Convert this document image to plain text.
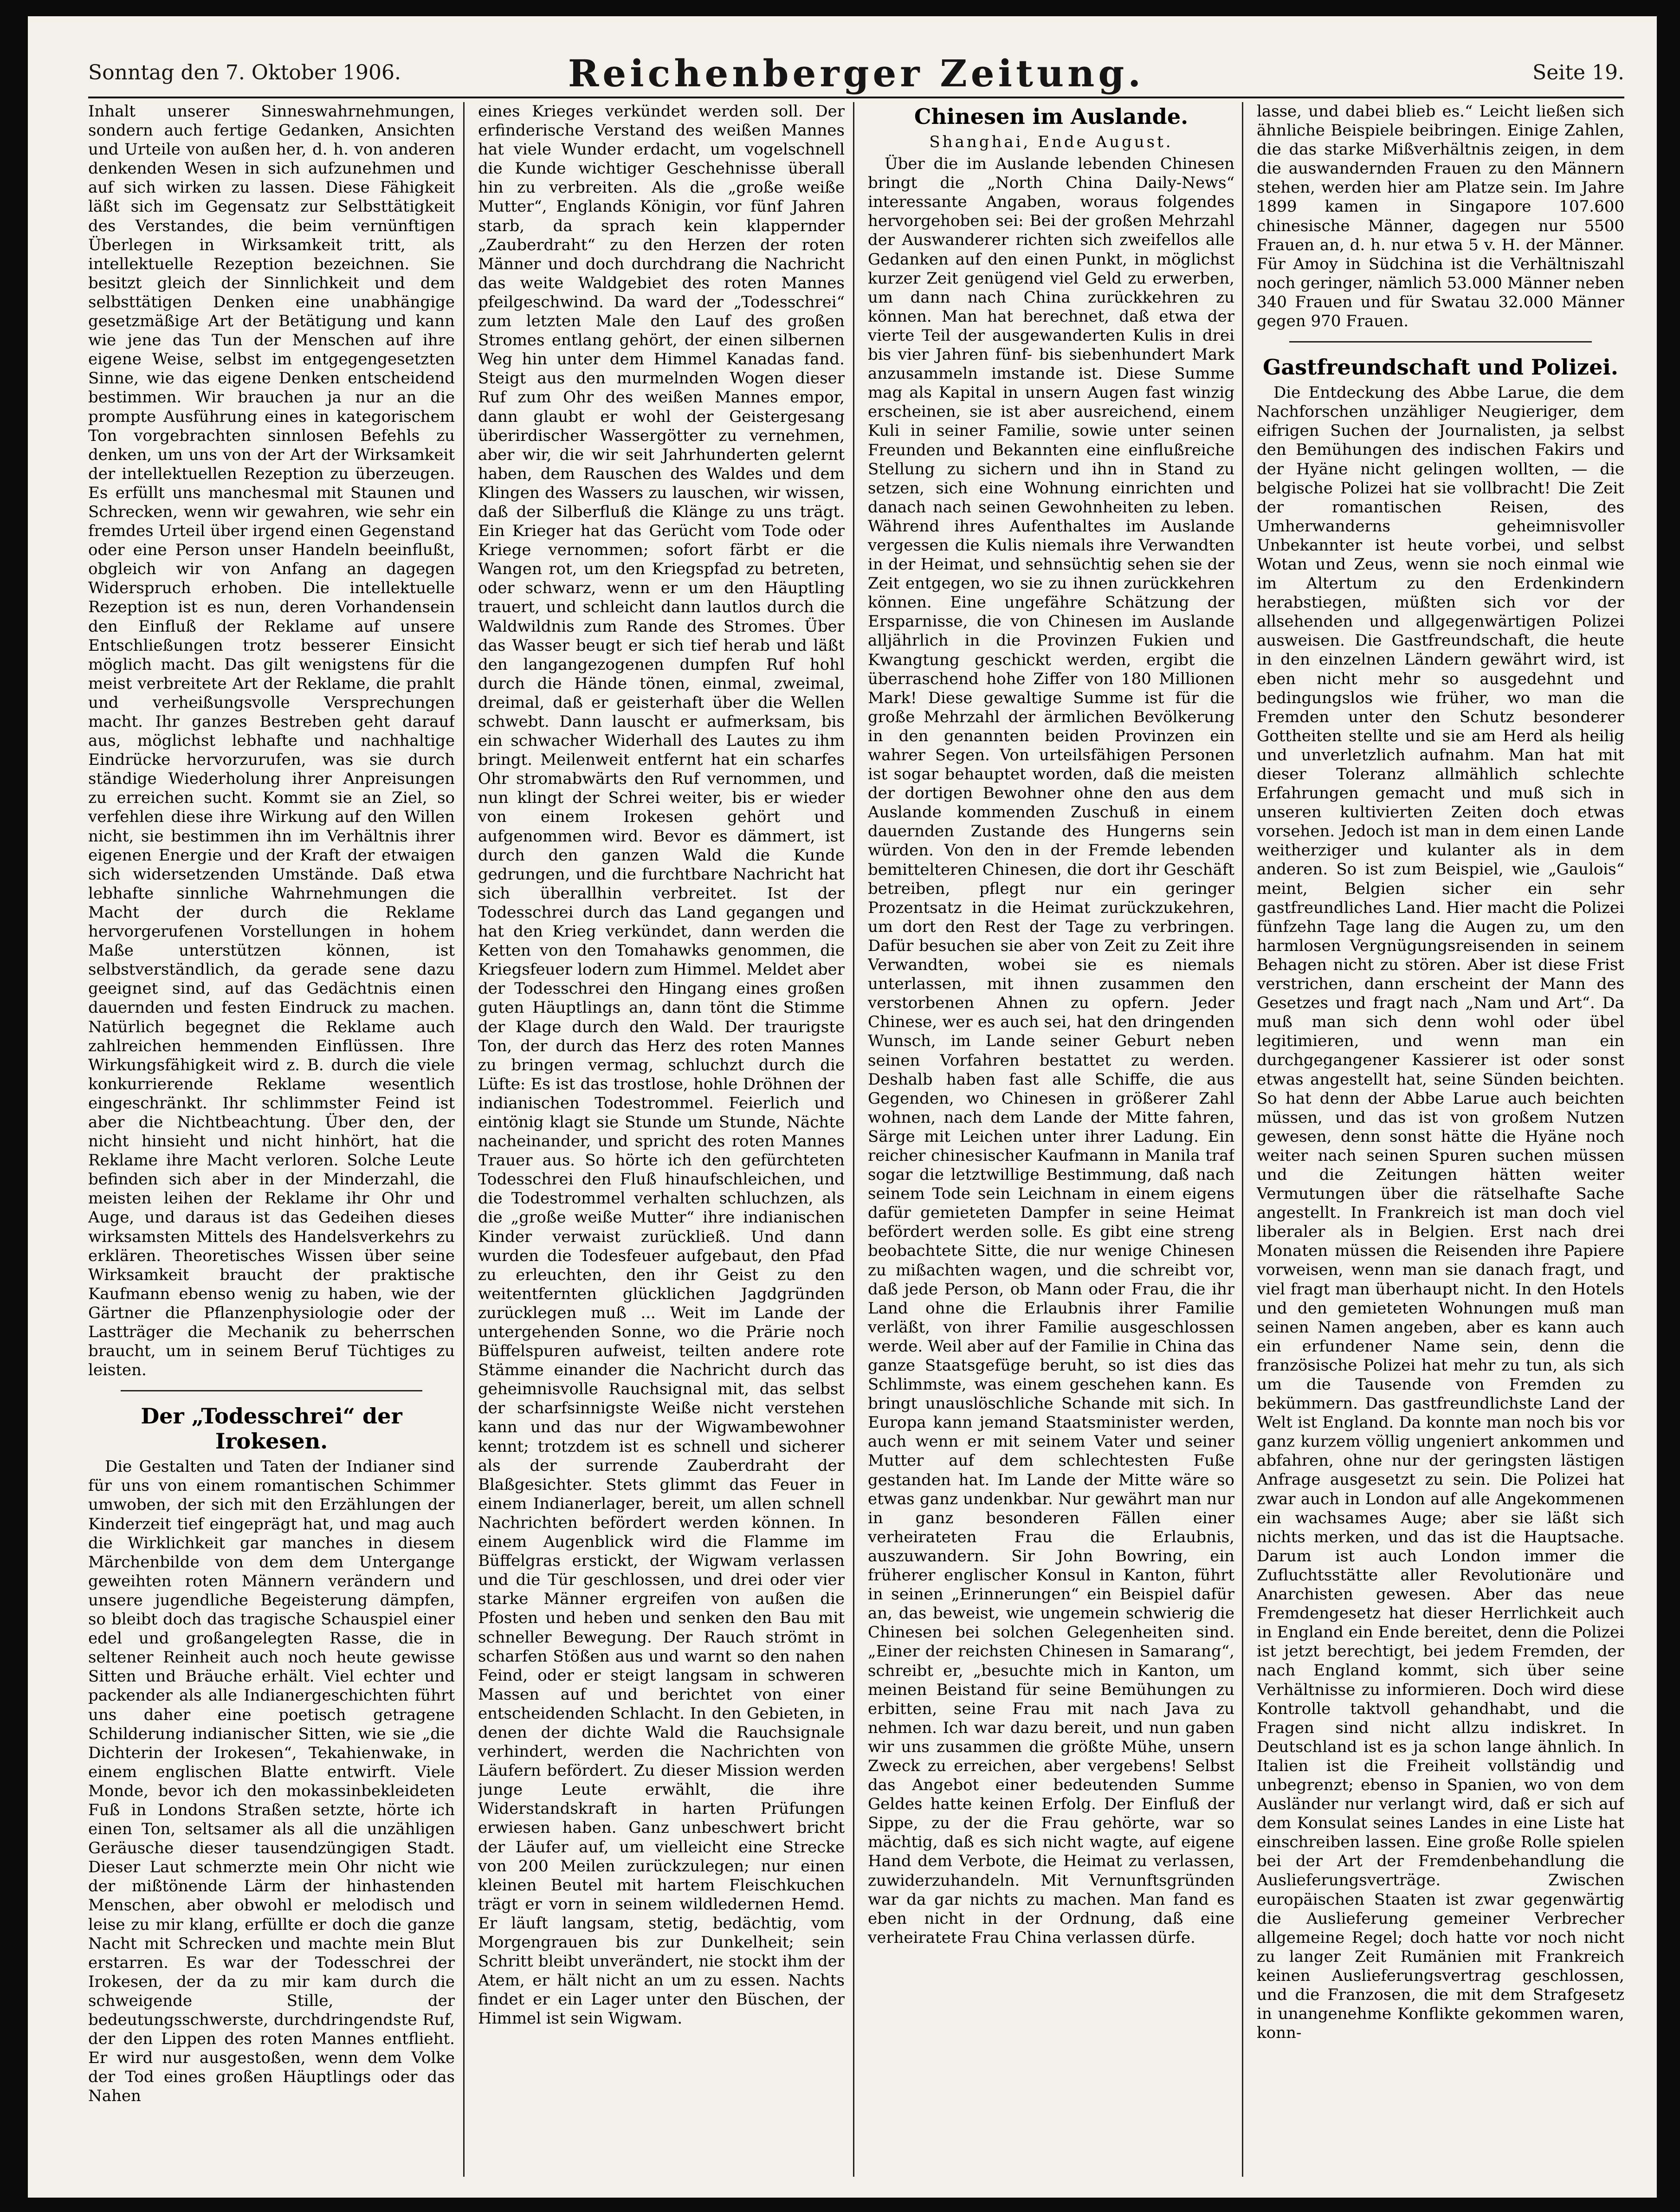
Sonntag den 7. Oktober 1906.	Reichenberger Zeitung.	Seite 19.

Inhalt unserer Sinneswahrnehmungen, sondern auch fertige Gedanken, Ansichten und Urteile von außen her, d. h. von anderen denkenden Wesen in sich aufzunehmen und auf sich wirken zu lassen. Diese Fähigkeit läßt sich im Gegensatz zur Selbsttätigkeit des Verstandes, die beim vernünftigen Überlegen in Wirksamkeit tritt, als intellektuelle Rezeption bezeichnen. Sie besitzt gleich der Sinnlichkeit und dem selbsttätigen Denken eine unabhängige gesetzmäßige Art der Betätigung und kann wie jene das Tun der Menschen auf ihre eigene Weise, selbst im entgegengesetzten Sinne, wie das eigene Denken entscheidend bestimmen. Wir brauchen ja nur an die prompte Ausführung eines in kategorischem Ton vorgebrachten sinnlosen Befehls zu denken, um uns von der Art der Wirksamkeit der intellektuellen Rezeption zu überzeugen. Es erfüllt uns manchesmal mit Staunen und Schrecken, wenn wir gewahren, wie sehr ein fremdes Urteil über irgend einen Gegenstand oder eine Person unser Handeln beeinflußt, obgleich wir von Anfang an dagegen Widerspruch erhoben. Die intellektuelle Rezeption ist es nun, deren Vorhandensein den Einfluß der Reklame auf unsere Entschließungen trotz besserer Einsicht möglich macht. Das gilt wenigstens für die meist verbreitete Art der Reklame, die prahlt und verheißungsvolle Versprechungen macht. Ihr ganzes Bestreben geht darauf aus, möglichst lebhafte und nachhaltige Eindrücke hervorzurufen, was sie durch ständige Wiederholung ihrer Anpreisungen zu erreichen sucht. Kommt sie an Ziel, so verfehlen diese ihre Wirkung auf den Willen nicht, sie bestimmen ihn im Verhältnis ihrer eigenen Energie und der Kraft der etwaigen sich widersetzenden Umstände. Daß etwa lebhafte sinnliche Wahrnehmungen die Macht der durch die Reklame hervorgerufenen Vorstellungen in hohem Maße unterstützen können, ist selbstverständlich, da gerade sene dazu geeignet sind, auf das Gedächtnis einen dauernden und festen Eindruck zu machen. Natürlich begegnet die Reklame auch zahlreichen hemmenden Einflüssen. Ihre Wirkungsfähigkeit wird z. B. durch die viele konkurrierende Reklame wesentlich eingeschränkt. Ihr schlimmster Feind ist aber die Nichtbeachtung. Über den, der nicht hinsieht und nicht hinhört, hat die Reklame ihre Macht verloren. Solche Leute befinden sich aber in der Minderzahl, die meisten leihen der Reklame ihr Ohr und Auge, und daraus ist das Gedeihen dieses wirksamsten Mittels des Handelsverkehrs zu erklären. Theoretisches Wissen über seine Wirksamkeit braucht der praktische Kaufmann ebenso wenig zu haben, wie der Gärtner die Pflanzenphysiologie oder der Lastträger die Mechanik zu beherrschen braucht, um in seinem Beruf Tüchtiges zu leisten.

Der „Todesschrei“ der Irokesen.

Die Gestalten und Taten der Indianer sind für uns von einem romantischen Schimmer umwoben, der sich mit den Erzählungen der Kinderzeit tief eingeprägt hat, und mag auch die Wirklichkeit gar manches in diesem Märchenbilde von dem dem Untergange geweihten roten Männern verändern und unsere jugendliche Begeisterung dämpfen, so bleibt doch das tragische Schauspiel einer edel und großangelegten Rasse, die in seltener Reinheit auch noch heute gewisse Sitten und Bräuche erhält. Viel echter und packender als alle Indianergeschichten führt uns daher eine poetisch getragene Schilderung indianischer Sitten, wie sie „die Dichterin der Irokesen“, Tekahienwake, in einem englischen Blatte entwirft. Viele Monde, bevor ich den mokassinbekleideten Fuß in Londons Straßen setzte, hörte ich einen Ton, seltsamer als all die unzähligen Geräusche dieser tausendzüngigen Stadt. Dieser Laut schmerzte mein Ohr nicht wie der mißtönende Lärm der hinhastenden Menschen, aber obwohl er melodisch und leise zu mir klang, erfüllte er doch die ganze Nacht mit Schrecken und machte mein Blut erstarren. Es war der Todesschrei der Irokesen, der da zu mir kam durch die schweigende Stille, der bedeutungsschwerste, durchdringendste Ruf, der den Lippen des roten Mannes entflieht. Er wird nur ausgestoßen, wenn dem Volke der Tod eines großen Häuptlings oder das Nahen

eines Krieges verkündet werden soll. Der erfinderische Verstand des weißen Mannes hat viele Wunder erdacht, um vogelschnell die Kunde wichtiger Geschehnisse überall hin zu verbreiten. Als die „große weiße Mutter“, Englands Königin, vor fünf Jahren starb, da sprach kein klappernder „Zauberdraht“ zu den Herzen der roten Männer und doch durchdrang die Nachricht das weite Waldgebiet des roten Mannes pfeilgeschwind. Da ward der „Todesschrei“ zum letzten Male den Lauf des großen Stromes entlang gehört, der einen silbernen Weg hin unter dem Himmel Kanadas fand. Steigt aus den murmelnden Wogen dieser Ruf zum Ohr des weißen Mannes empor, dann glaubt er wohl der Geistergesang überirdischer Wassergötter zu vernehmen, aber wir, die wir seit Jahrhunderten gelernt haben, dem Rauschen des Waldes und dem Klingen des Wassers zu lauschen, wir wissen, daß der Silberfluß die Klänge zu uns trägt. Ein Krieger hat das Gerücht vom Tode oder Kriege vernommen; sofort färbt er die Wangen rot, um den Kriegspfad zu betreten, oder schwarz, wenn er um den Häuptling trauert, und schleicht dann lautlos durch die Waldwildnis zum Rande des Stromes. Über das Wasser beugt er sich tief herab und läßt den langangezogenen dumpfen Ruf hohl durch die Hände tönen, einmal, zweimal, dreimal, daß er geisterhaft über die Wellen schwebt. Dann lauscht er aufmerksam, bis ein schwacher Widerhall des Lautes zu ihm bringt. Meilenweit entfernt hat ein scharfes Ohr stromabwärts den Ruf vernommen, und nun klingt der Schrei weiter, bis er wieder von einem Irokesen gehört und aufgenommen wird. Bevor es dämmert, ist durch den ganzen Wald die Kunde gedrungen, und die furchtbare Nachricht hat sich überallhin verbreitet. Ist der Todesschrei durch das Land gegangen und hat den Krieg verkündet, dann werden die Ketten von den Tomahawks genommen, die Kriegsfeuer lodern zum Himmel. Meldet aber der Todesschrei den Hingang eines großen guten Häuptlings an, dann tönt die Stimme der Klage durch den Wald. Der traurigste Ton, der durch das Herz des roten Mannes zu bringen vermag, schluchzt durch die Lüfte: Es ist das trostlose, hohle Dröhnen der indianischen Todestrommel. Feierlich und eintönig klagt sie Stunde um Stunde, Nächte nacheinander, und spricht des roten Mannes Trauer aus. So hörte ich den gefürchteten Todesschrei den Fluß hinaufschleichen, und die Todestrommel verhalten schluchzen, als die „große weiße Mutter“ ihre indianischen Kinder verwaist zurückließ. Und dann wurden die Todesfeuer aufgebaut, den Pfad zu erleuchten, den ihr Geist zu den weitentfernten glücklichen Jagdgründen zurücklegen muß ... Weit im Lande der untergehenden Sonne, wo die Prärie noch Büffelspuren aufweist, teilten andere rote Stämme einander die Nachricht durch das geheimnisvolle Rauchsignal mit, das selbst der scharfsinnigste Weiße nicht verstehen kann und das nur der Wigwambewohner kennt; trotzdem ist es schnell und sicherer als der surrende Zauberdraht der Blaßgesichter. Stets glimmt das Feuer in einem Indianerlager, bereit, um allen schnell Nachrichten befördert werden können. In einem Augenblick wird die Flamme im Büffelgras erstickt, der Wigwam verlassen und die Tür geschlossen, und drei oder vier starke Männer ergreifen von außen die Pfosten und heben und senken den Bau mit schneller Bewegung. Der Rauch strömt in scharfen Stößen aus und warnt so den nahen Feind, oder er steigt langsam in schweren Massen auf und berichtet von einer entscheidenden Schlacht. In den Gebieten, in denen der dichte Wald die Rauchsignale verhindert, werden die Nachrichten von Läufern befördert. Zu dieser Mission werden junge Leute erwählt, die ihre Widerstandskraft in harten Prüfungen erwiesen haben. Ganz unbeschwert bricht der Läufer auf, um vielleicht eine Strecke von 200 Meilen zurückzulegen; nur einen kleinen Beutel mit hartem Fleischkuchen trägt er vorn in seinem wildledernen Hemd. Er läuft langsam, stetig, bedächtig, vom Morgengrauen bis zur Dunkelheit; sein Schritt bleibt unverändert, nie stockt ihm der Atem, er hält nicht an um zu essen. Nachts findet er ein Lager unter den Büschen, der Himmel ist sein Wigwam.

Chinesen im Auslande.
Shanghai, Ende August.

Über die im Auslande lebenden Chinesen bringt die „North China Daily-News“ interessante Angaben, woraus folgendes hervorgehoben sei: Bei der großen Mehrzahl der Auswanderer richten sich zweifellos alle Gedanken auf den einen Punkt, in möglichst kurzer Zeit genügend viel Geld zu erwerben, um dann nach China zurückkehren zu können. Man hat berechnet, daß etwa der vierte Teil der ausgewanderten Kulis in drei bis vier Jahren fünf- bis siebenhundert Mark anzusammeln imstande ist. Diese Summe mag als Kapital in unsern Augen fast winzig erscheinen, sie ist aber ausreichend, einem Kuli in seiner Familie, sowie unter seinen Freunden und Bekannten eine einflußreiche Stellung zu sichern und ihn in Stand zu setzen, sich eine Wohnung einrichten und danach nach seinen Gewohnheiten zu leben. Während ihres Aufenthaltes im Auslande vergessen die Kulis niemals ihre Verwandten in der Heimat, und sehnsüchtig sehen sie der Zeit entgegen, wo sie zu ihnen zurückkehren können. Eine ungefähre Schätzung der Ersparnisse, die von Chinesen im Auslande alljährlich in die Provinzen Fukien und Kwangtung geschickt werden, ergibt die überraschend hohe Ziffer von 180 Millionen Mark! Diese gewaltige Summe ist für die große Mehrzahl der ärmlichen Bevölkerung in den genannten beiden Provinzen ein wahrer Segen. Von urteilsfähigen Personen ist sogar behauptet worden, daß die meisten der dortigen Bewohner ohne den aus dem Auslande kommenden Zuschuß in einem dauernden Zustande des Hungerns sein würden. Von den in der Fremde lebenden bemittelteren Chinesen, die dort ihr Geschäft betreiben, pflegt nur ein geringer Prozentsatz in die Heimat zurückzukehren, um dort den Rest der Tage zu verbringen. Dafür besuchen sie aber von Zeit zu Zeit ihre Verwandten, wobei sie es niemals unterlassen, mit ihnen zusammen den verstorbenen Ahnen zu opfern. Jeder Chinese, wer es auch sei, hat den dringenden Wunsch, im Lande seiner Geburt neben seinen Vorfahren bestattet zu werden. Deshalb haben fast alle Schiffe, die aus Gegenden, wo Chinesen in größerer Zahl wohnen, nach dem Lande der Mitte fahren, Särge mit Leichen unter ihrer Ladung. Ein reicher chinesischer Kaufmann in Manila traf sogar die letztwillige Bestimmung, daß nach seinem Tode sein Leichnam in einem eigens dafür gemieteten Dampfer in seine Heimat befördert werden solle. Es gibt eine streng beobachtete Sitte, die nur wenige Chinesen zu mißachten wagen, und die schreibt vor, daß jede Person, ob Mann oder Frau, die ihr Land ohne die Erlaubnis ihrer Familie verläßt, von ihrer Familie ausgeschlossen werde. Weil aber auf der Familie in China das ganze Staatsgefüge beruht, so ist dies das Schlimmste, was einem geschehen kann. Es bringt unauslöschliche Schande mit sich. In Europa kann jemand Staatsminister werden, auch wenn er mit seinem Vater und seiner Mutter auf dem schlechtesten Fuße gestanden hat. Im Lande der Mitte wäre so etwas ganz undenkbar. Nur gewährt man nur in ganz besonderen Fällen einer verheirateten Frau die Erlaubnis, auszuwandern. Sir John Bowring, ein früherer englischer Konsul in Kanton, führt in seinen „Erinnerungen“ ein Beispiel dafür an, das beweist, wie ungemein schwierig die Chinesen bei solchen Gelegenheiten sind. „Einer der reichsten Chinesen in Samarang“, schreibt er, „besuchte mich in Kanton, um meinen Beistand für seine Bemühungen zu erbitten, seine Frau mit nach Java zu nehmen. Ich war dazu bereit, und nun gaben wir uns zusammen die größte Mühe, unsern Zweck zu erreichen, aber vergebens! Selbst das Angebot einer bedeutenden Summe Geldes hatte keinen Erfolg. Der Einfluß der Sippe, zu der die Frau gehörte, war so mächtig, daß es sich nicht wagte, auf eigene Hand dem Verbote, die Heimat zu verlassen, zuwiderzuhandeln. Mit Vernunftsgründen war da gar nichts zu machen. Man fand es eben nicht in der Ordnung, daß eine verheiratete Frau China verlassen dürfe.

lasse, und dabei blieb es.“ Leicht ließen sich ähnliche Beispiele beibringen. Einige Zahlen, die das starke Mißverhältnis zeigen, in dem die auswandernden Frauen zu den Männern stehen, werden hier am Platze sein. Im Jahre 1899 kamen in Singapore 107.600 chinesische Männer, dagegen nur 5500 Frauen an, d. h. nur etwa 5 v. H. der Männer. Für Amoy in Südchina ist die Verhältniszahl noch geringer, nämlich 53.000 Männer neben 340 Frauen und für Swatau 32.000 Männer gegen 970 Frauen.

Gastfreundschaft und Polizei.

Die Entdeckung des Abbe Larue, die dem Nachforschen unzähliger Neugieriger, dem eifrigen Suchen der Journalisten, ja selbst den Bemühungen des indischen Fakirs und der Hyäne nicht gelingen wollten, — die belgische Polizei hat sie vollbracht! Die Zeit der romantischen Reisen, des Umherwanderns geheimnisvoller Unbekannter ist heute vorbei, und selbst Wotan und Zeus, wenn sie noch einmal wie im Altertum zu den Erdenkindern herabstiegen, müßten sich vor der allsehenden und allgegenwärtigen Polizei ausweisen. Die Gastfreundschaft, die heute in den einzelnen Ländern gewährt wird, ist eben nicht mehr so ausgedehnt und bedingungslos wie früher, wo man die Fremden unter den Schutz besonderer Gottheiten stellte und sie am Herd als heilig und unverletzlich aufnahm. Man hat mit dieser Toleranz allmählich schlechte Erfahrungen gemacht und muß sich in unseren kultivierten Zeiten doch etwas vorsehen. Jedoch ist man in dem einen Lande weitherziger und kulanter als in dem anderen. So ist zum Beispiel, wie „Gaulois“ meint, Belgien sicher ein sehr gastfreundliches Land. Hier macht die Polizei fünfzehn Tage lang die Augen zu, um den harmlosen Vergnügungsreisenden in seinem Behagen nicht zu stören. Aber ist diese Frist verstrichen, dann erscheint der Mann des Gesetzes und fragt nach „Nam und Art“. Da muß man sich denn wohl oder übel legitimieren, und wenn man ein durchgegangener Kassierer ist oder sonst etwas angestellt hat, seine Sünden beichten. So hat denn der Abbe Larue auch beichten müssen, und das ist von großem Nutzen gewesen, denn sonst hätte die Hyäne noch weiter nach seinen Spuren suchen müssen und die Zeitungen hätten weiter Vermutungen über die rätselhafte Sache angestellt. In Frankreich ist man doch viel liberaler als in Belgien. Erst nach drei Monaten müssen die Reisenden ihre Papiere vorweisen, wenn man sie danach fragt, und viel fragt man überhaupt nicht. In den Hotels und den gemieteten Wohnungen muß man seinen Namen angeben, aber es kann auch ein erfundener Name sein, denn die französische Polizei hat mehr zu tun, als sich um die Tausende von Fremden zu bekümmern. Das gastfreundlichste Land der Welt ist England. Da konnte man noch bis vor ganz kurzem völlig ungeniert ankommen und abfahren, ohne nur der geringsten lästigen Anfrage ausgesetzt zu sein. Die Polizei hat zwar auch in London auf alle Angekommenen ein wachsames Auge; aber sie läßt sich nichts merken, und das ist die Hauptsache. Darum ist auch London immer die Zufluchtsstätte aller Revolutionäre und Anarchisten gewesen. Aber das neue Fremdengesetz hat dieser Herrlichkeit auch in England ein Ende bereitet, denn die Polizei ist jetzt berechtigt, bei jedem Fremden, der nach England kommt, sich über seine Verhältnisse zu informieren. Doch wird diese Kontrolle taktvoll gehandhabt, und die Fragen sind nicht allzu indiskret. In Deutschland ist es ja schon lange ähnlich. In Italien ist die Freiheit vollständig und unbegrenzt; ebenso in Spanien, wo von dem Ausländer nur verlangt wird, daß er sich auf dem Konsulat seines Landes in eine Liste hat einschreiben lassen. Eine große Rolle spielen bei der Art der Fremdenbehandlung die Auslieferungsverträge. Zwischen europäischen Staaten ist zwar gegenwärtig die Auslieferung gemeiner Verbrecher allgemeine Regel; doch hatte vor noch nicht zu langer Zeit Rumänien mit Frankreich keinen Auslieferungsvertrag geschlossen, und die Franzosen, die mit dem Strafgesetz in unangenehme Konflikte gekommen waren, konn-
